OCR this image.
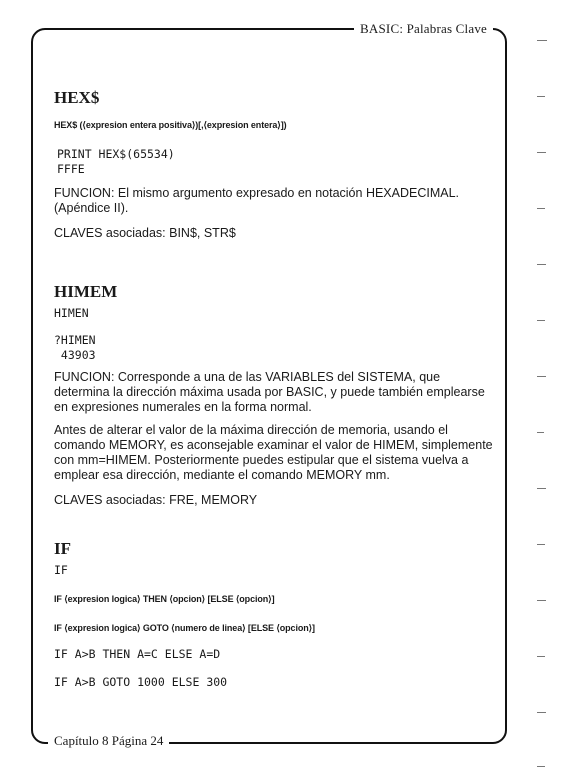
BASIC: Palabras Clave
Capítulo 8 Página 24
HEX$
HEX$ (⟨expresion entera positiva⟩)[,⟨expresion entera⟩])
PRINT HEX$(65534)
FFFE

FUNCION: El mismo argumento expresado en notación HEXADECIMAL. (Apéndice II).

CLAVES asociadas: BIN$, STR$

HIMEM
HIMEN
?HIMEN
43903

FUNCION: Corresponde a una de las VARIABLES del SISTEMA, que determina la dirección máxima usada por BASIC, y puede también emplearse en expresiones numerales en la forma normal.

Antes de alterar el valor de la máxima dirección de memoria, usando el comando MEMORY, es aconsejable examinar el valor de HIMEM, simplemente con mm=HIMEM. Posteriormente puedes estipular que el sistema vuelva a emplear esa dirección, mediante el comando MEMORY mm.

CLAVES asociadas: FRE, MEMORY

IF
IF
IF ⟨expresion logica⟩ THEN ⟨opcion⟩ [ELSE ⟨opcion⟩]
IF ⟨expresion logica⟩ GOTO ⟨numero de linea⟩ [ELSE ⟨opcion⟩]
IF A>B THEN A=C ELSE A=D
IF A>B GOTO 1000 ELSE 300
